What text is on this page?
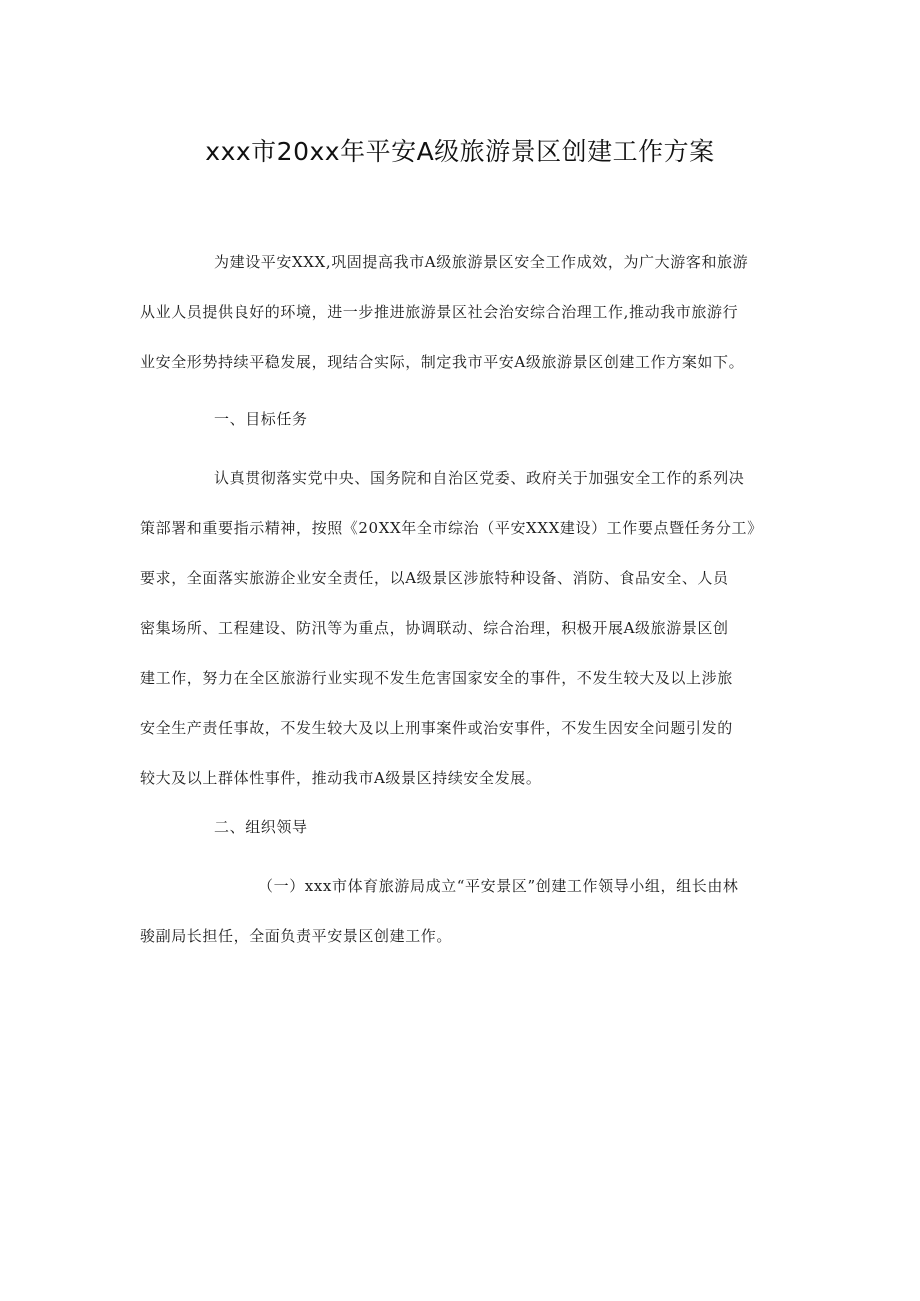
xxx市20xx年平安A级旅游景区创建工作方案
为建设平安XXX,巩固提高我市A级旅游景区安全工作成效，为广大游客和旅游
从业人员提供良好的环境，进一步推进旅游景区社会治安综合治理工作,推动我市旅游行
业安全形势持续平稳发展，现结合实际，制定我市平安A级旅游景区创建工作方案如下。
一、目标任务
认真贯彻落实党中央、国务院和自治区党委、政府关于加强安全工作的系列决
策部署和重要指示精神，按照《20XX年全市综治（平安XXX建设）工作要点暨任务分工》
要求，全面落实旅游企业安全责任，以A级景区涉旅特种设备、消防、食品安全、人员
密集场所、工程建设、防汛等为重点，协调联动、综合治理，积极开展A级旅游景区创
建工作，努力在全区旅游行业实现不发生危害国家安全的事件，不发生较大及以上涉旅
安全生产责任事故，不发生较大及以上刑事案件或治安事件，不发生因安全问题引发的
较大及以上群体性事件，推动我市A级景区持续安全发展。
二、组织领导
（一）xxx市体育旅游局成立“平安景区”创建工作领导小组，组长由林
骏副局长担任，全面负责平安景区创建工作。
